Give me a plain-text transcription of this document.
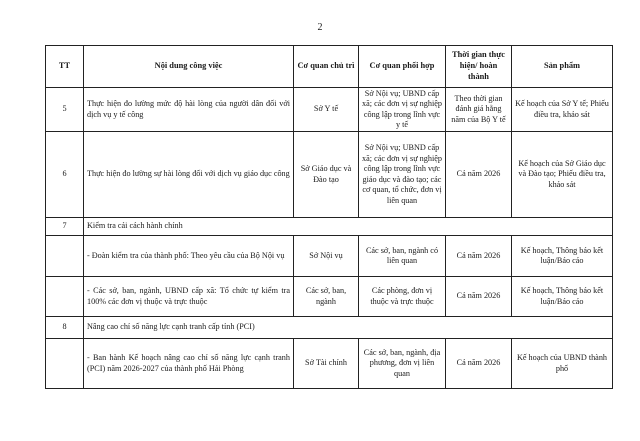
2
TT	Nội dung công việc	Cơ quan chủ trì	Cơ quan phối hợp	Thời gian thực hiện/ hoàn thành	Sản phẩm
5	Thực hiện đo lường mức độ hài lòng của người dân đối với dịch vụ y tế công	Sở Y tế	Sở Nội vụ; UBND cấp xã; các đơn vị sự nghiệp công lập trong lĩnh vực y tế	Theo thời gian đánh giá hằng năm của Bộ Y tế	Kế hoạch của Sở Y tế; Phiếu điều tra, khảo sát
6	Thực hiện đo lường sự hài lòng đối với dịch vụ giáo dục công	Sở Giáo dục và Đào tạo	Sở Nội vụ; UBND cấp xã; các đơn vị sự nghiệp công lập trong lĩnh vực giáo dục và đào tạo; các cơ quan, tổ chức, đơn vị liên quan	Cả năm 2026	Kế hoạch của Sở Giáo dục và Đào tạo; Phiếu điều tra, khảo sát
7	Kiểm tra cải cách hành chính				
	- Đoàn kiểm tra của thành phố: Theo yêu cầu của Bộ Nội vụ	Sở Nội vụ	Các sở, ban, ngành có liên quan	Cả năm 2026	Kế hoạch, Thông báo kết luận/Báo cáo
	- Các sở, ban, ngành, UBND cấp xã: Tổ chức tự kiểm tra 100% các đơn vị thuộc và trực thuộc	Các sở, ban, ngành	Các phòng, đơn vị thuộc và trực thuộc	Cả năm 2026	Kế hoạch, Thông báo kết luận/Báo cáo
8	Nâng cao chỉ số năng lực cạnh tranh cấp tỉnh (PCI)				
	- Ban hành Kế hoạch nâng cao chỉ số năng lực cạnh tranh (PCI) năm 2026-2027 của thành phố Hải Phòng	Sở Tài chính	Các sở, ban, ngành, địa phương, đơn vị liên quan	Cả năm 2026	Kế hoạch của UBND thành phố
